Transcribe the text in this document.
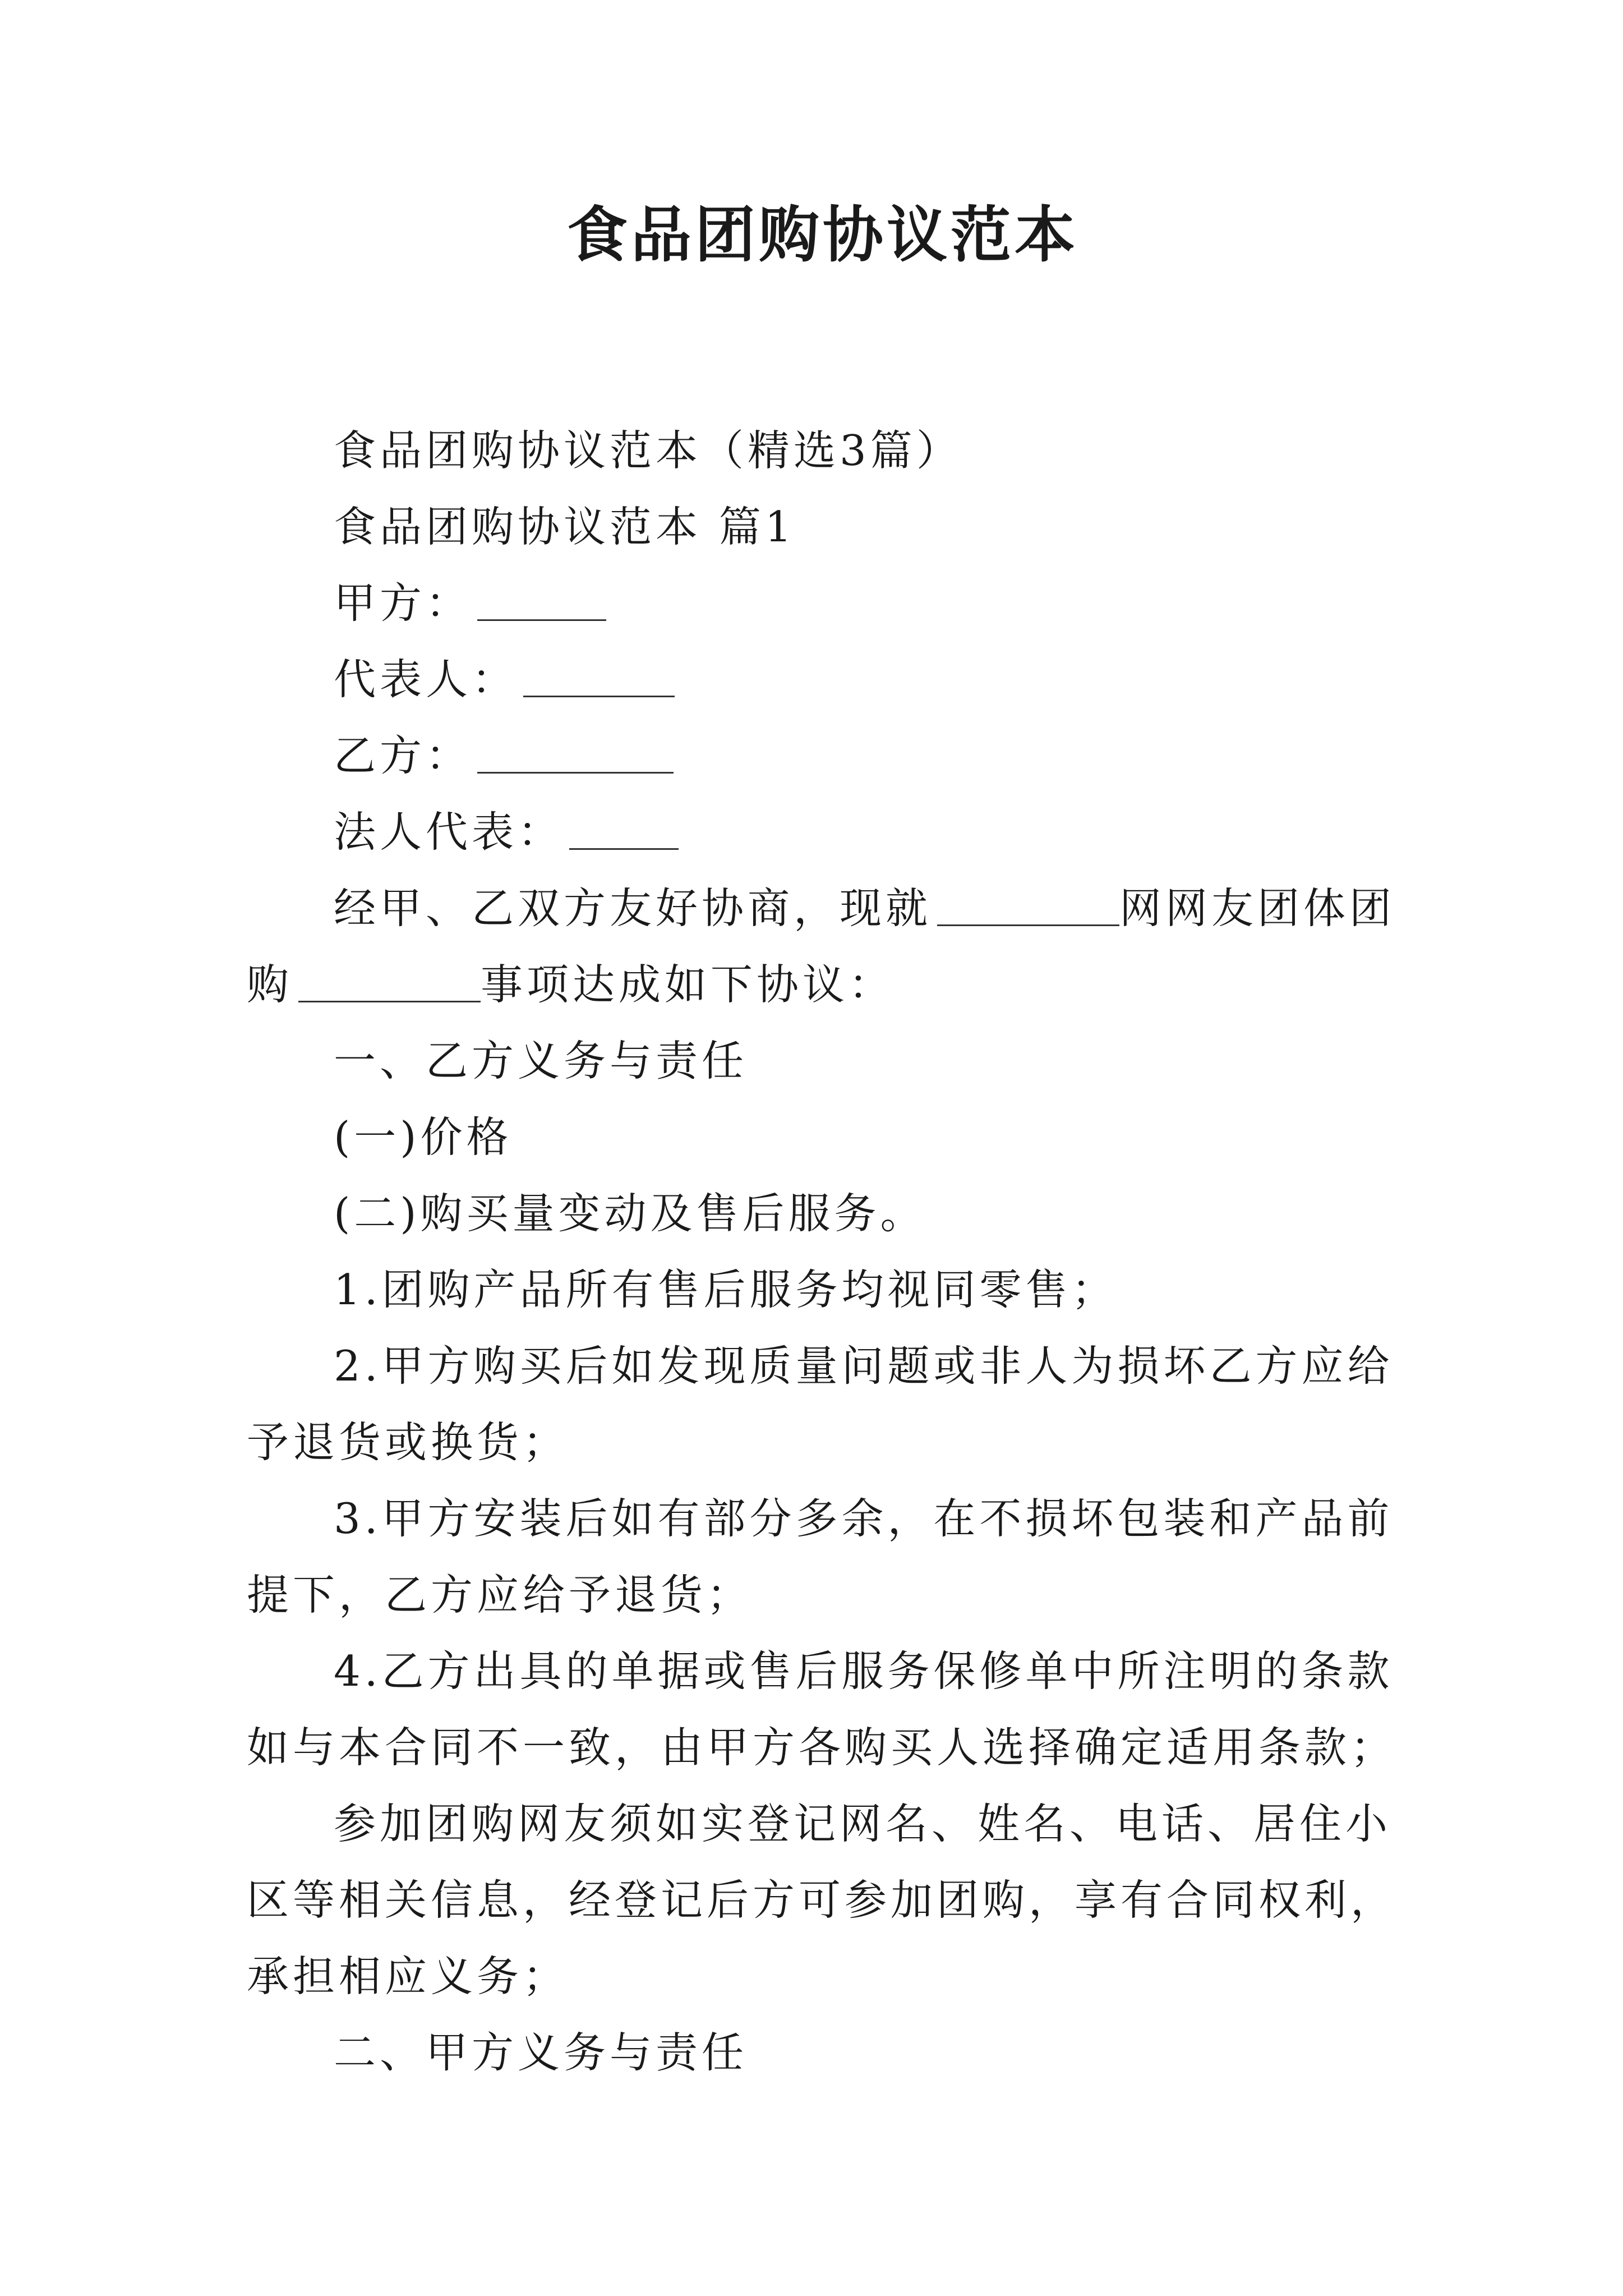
食品团购协议范本

食品团购协议范本（精选3篇）

食品团购协议范本 篇1

甲方：

代表人：

乙方：

法人代表：

经甲、乙双方友好协商，现就	网网友团体团购	事项达成如下协议：

一、乙方义务与责任

(一)价格

(二)购买量变动及售后服务。

1.团购产品所有售后服务均视同零售；

2.甲方购买后如发现质量问题或非人为损坏乙方应给予退货或换货；

3.甲方安装后如有部分多余，在不损坏包装和产品前提下，乙方应给予退货；

4.乙方出具的单据或售后服务保修单中所注明的条款如与本合同不一致，由甲方各购买人选择确定适用条款；

参加团购网友须如实登记网名、姓名、电话、居住小区等相关信息，经登记后方可参加团购，享有合同权利，承担相应义务；

二、甲方义务与责任
